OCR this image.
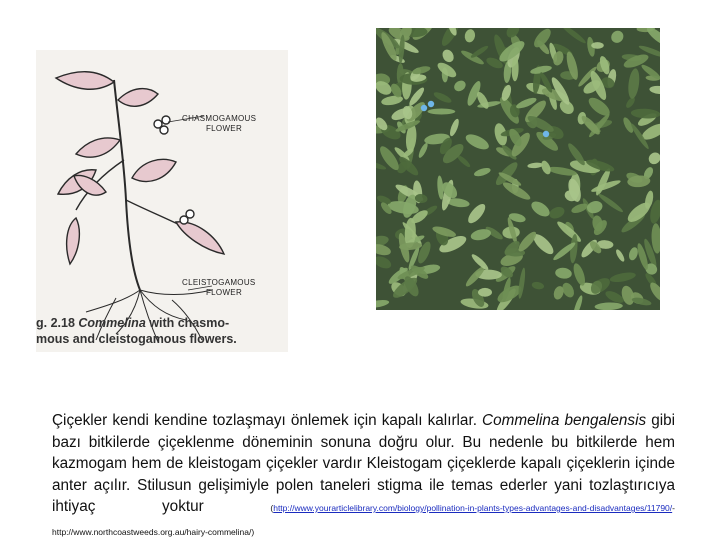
CHASMOGAMOUS
FLOWER
CLEISTOGAMOUS
FLOWER
g. 2.18 Commelina with chasmo-
mous and cleistogamous flowers.
Çiçekler kendi kendine tozlaşmayı önlemek için kapalı kalırlar. Commelina bengalensis gibi bazı bitkilerde çiçeklenme döneminin sonuna doğru olur. Bu nedenle bu bitkilerde hem kazmogam hem de kleistogam çiçekler vardır Kleistogam çiçeklerde kapalı çiçeklerin içinde anter açılır. Stilusun gelişimiyle polen taneleri stigma ile temas ederler yani tozlaştırıcıya ihtiyaç yoktur (http://www.yourarticlelibrary.com/biology/pollination-in-plants-types-advantages-and-disadvantages/11790/- http://www.northcoastweeds.org.au/hairy-commelina/)
